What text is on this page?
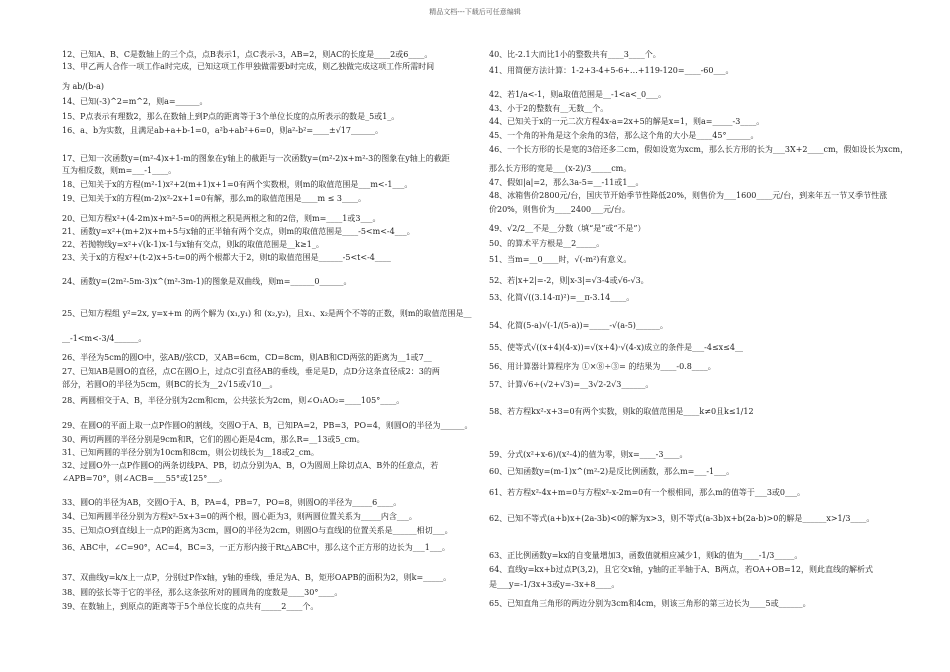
精品文档---下载后可任意编辑
12、已知A、B、C是数轴上的三个点，点B表示1，点C表示-3，AB=2，则AC的长度是____2或6____。
13、甲乙两人合作一项工作a时完成，已知这项工作甲独做需要b时完成，则乙独做完成这项工作所需时间
为 ab/(b-a)
14、已知(-3)^2=m^2，则a=______。
15、P点表示有理数2，那么在数轴上到P点的距离等于3个单位长度的点所表示的数是_5或1_。
16、a、b为实数，且满足ab+a+b-1=0，a²b+ab²+6=0，则a²-b²=____±√17______。
17、已知一次函数y=(m²-4)x+1-m的图象在y轴上的截距与一次函数y=(m²-2)x+m²-3的图象在y轴上的截距
互为相反数，则m=___-1____。
18、已知关于x的方程(m²-1)x²+2(m+1)x+1=0有两个实数根，则m的取值范围是___m<-1___。
19、已知关于x的方程(m-2)x²-2x+1=0有解，那么m的取值范围是____m ≤ 3____。
20、已知方程x²+(4-2m)x+m²-5=0的两根之积是两根之和的2倍，则m=____1或3___。
21、函数y=x²+(m+2)x+m+5与x轴的正半轴有两个交点，则m的取值范围是____-5<m<-4___。
22、若抛物线y=x²+√(k-1)x-1与x轴有交点，则k的取值范围是__k≥1_。
23、关于x的方程x²+(t-2)x+5-t=0的两个根都大于2，则t的取值范围是______-5<t<-4____
24、函数y=(2m²-5m-3)x^(m²-3m-1)的图象是双曲线，则m=______0______。
25、已知方程组 y²=2x, y=x+m 的两个解为 (x₁,y₁) 和 (x₂,y₂)，且x₁、x₂是两个不等的正数，则m的取值范围是__
__-1<m<-3/4______。
26、半径为5cm的圆O中，弦AB//弦CD，又AB=6cm，CD=8cm，则AB和CD两弦的距离为__1或7__
27、已知AB是圆O的直径，点C在圆O上，过点C引直径AB的垂线，垂足是D，点D分这条直径成2：3的两
部分，若圆O的半径为5cm，则BC的长为__2√15或√10__。
28、两圆相交于A、B，半径分别为2cm和cm，公共弦长为2cm，则∠O₁AO₂=____105°____。
29、在圆O的平面上取一点P作圆O的割线，交圆O于A、B，已知PA=2，PB=3，PO=4，则圆O的半径为______。
30、两切两圆的半径分别是9cm和R，它们的圆心距是4cm，那么R=__13或5_cm。
31、已知两圆的半径分别为10cm和8cm，则公切线长为__18或2_cm。
32、过圆O外一点P作圆O的两条切线PA、PB，切点分别为A、B，O为圆周上除切点A、B外的任意点，若
∠APB=70°，则∠ACB=___55°或125°___。
33、圆O的半径为AB，交圆O于A、B，PA=4，PB=7，PO=8，则圆O的半径为_____6____。
34、已知两圆半径分别为方程x²-5x+3=0的两个根，圆心距为3，则两圆位置关系为_____内含___。
35、已知点O到直线l上一点P的距离为3cm，圆O的半径为2cm，则圆O与直线l的位置关系是______相切___。
36、ABC中，∠C=90°，AC=4，BC=3，一正方形内接于Rt△ABC中，那么这个正方形的边长为___1___。
37、双曲线y=k/x上一点P，分别过P作x轴，y轴的垂线，垂足为A、B，矩形OAPB的面积为2，则k=_____。
38、圆的弦长等于它的半径，那么这条弦所对的圆周角的度数是____30°____。
39、在数轴上，到原点的距离等于5个单位长度的点共有_____2____个。
40、比-2.1大而比1小的整数共有____3____个。
41、用简便方法计算：1-2+3-4+5-6+…+119-120=____-60___。
42、若1/a<-1，则a取值范围是__-1<a<_0___。
43、小于2的整数有__无数__个。
44、已知关于x的一元二次方程4x-a=2x+5的解是x=1，则a=_____-3____。
45、一个角的补角是这个余角的3倍，那么这个角的大小是____45°______。
46、一个长方形的长是宽的3倍还多二cm，假如设宽为xcm，那么长方形的长为___3X+2____cm，假如设长为xcm，
那么长方形的宽是___(x-2)/3_____cm。
47、假如|a|=2，那么3a-5=__-11或1__。
48、冰箱售价2800元/台，国庆节开始季节性降低20%，则售价为___1600____元/台，到来年五一节又季节性涨
价20%，则售价为____2400___元/台。
49、√2/2__不是__分数（填“是”或“不是”）
50、的算术平方根是__2_____。
51、当m=__0____时，√(-m²)有意义。
52、若|x+2|=-2，则|x-3|=√3-4或√6-√3。
53、化简√((3.14-π)²)=__π-3.14____。
54、化简(5-a)√(-1/(5-a))=_____-√(a-5)______。
55、使等式√((x+4)(4-x))=√(x+4)·√(4-x)成立的条件是___-4≤x≤4__
56、用计算器计算程序为 ①×⑧÷③= 的结果为____-0.8____。
57、计算√6÷(√2+√3)=__3√2-2√3______。
58、若方程kx²-x+3=0有两个实数，则k的取值范围是____k≠0且k≤1/12
59、分式(x²+x-6)/(x²-4)的值为零，则x=____-3____。
60、已知函数y=(m-1)x^(m²-2)是反比例函数，那么m=___-1___。
61、若方程x²-4x+m=0与方程x²-x-2m=0有一个根相同，那么m的值等于___3或0___。
62、已知不等式(a+b)x+(2a-3b)<0的解为x>3，则不等式(a-3b)x+b(2a-b)>0的解是______x>1/3____。
63、正比例函数y=kx的自变量增加3，函数值就相应减少1，则k的值为____-1/3_____。
64、直线y=kx+b过点P(3,2)，且它交x轴，y轴的正半轴于A、B两点，若OA+OB=12，则此直线的解析式
是___y=-1/3x+3或y=-3x+8____。
65、已知直角三角形的两边分别为3cm和4cm，则该三角形的第三边长为____5或______。
